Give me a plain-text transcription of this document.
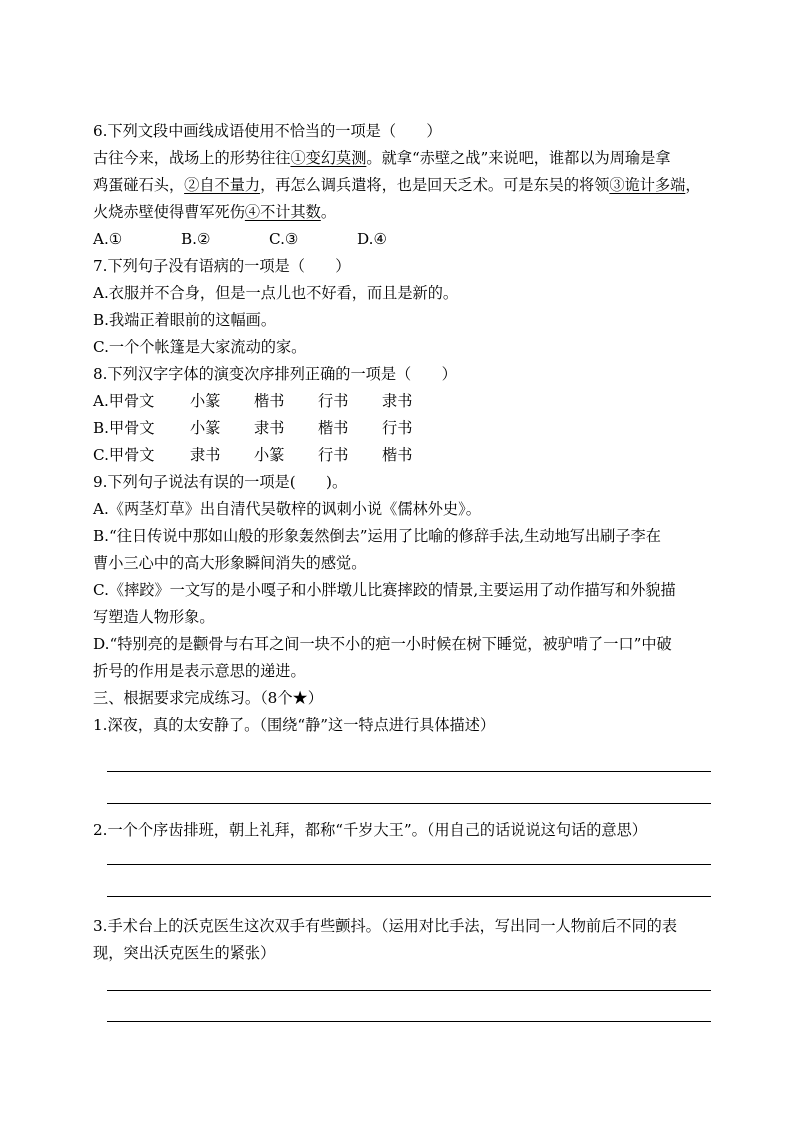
6.下列文段中画线成语使用不恰当的一项是（　　）
古往今来，战场上的形势往往①变幻莫测。就拿“赤壁之战”来说吧，谁都以为周瑜是拿
鸡蛋碰石头，②自不量力，再怎么调兵遣将，也是回天乏术。可是东吴的将领③诡计多端，
火烧赤壁使得曹军死伤④不计其数。
A.①	B.②	C.③	D.④
7.下列句子没有语病的一项是（　　）
A.衣服并不合身，但是一点儿也不好看，而且是新的。
B.我端正着眼前的这幅画。
C.一个个帐篷是大家流动的家。
8.下列汉字字体的演变次序排列正确的一项是（　　）
A.甲骨文 小篆 楷书 行书 隶书
B.甲骨文 小篆 隶书 楷书 行书
C.甲骨文 隶书 小篆 行书 楷书
9.下列句子说法有误的一项是(　　)。
A.《两茎灯草》出自清代吴敬梓的讽刺小说《儒林外史》。
B.“往日传说中那如山般的形象轰然倒去”运用了比喻的修辞手法,生动地写出刷子李在
曹小三心中的高大形象瞬间消失的感觉。
C.《摔跤》一文写的是小嘎子和小胖墩儿比赛摔跤的情景,主要运用了动作描写和外貌描
写塑造人物形象。
D.“特别亮的是颧骨与右耳之间一块不小的疤一小时候在树下睡觉，被驴啃了一口”中破
折号的作用是表示意思的递进。
三、根据要求完成练习。（8个★）
1.深夜，真的太安静了。（围绕“静”这一特点进行具体描述）
2.一个个序齿排班，朝上礼拜，都称“千岁大王”。（用自己的话说说这句话的意思）
3.手术台上的沃克医生这次双手有些颤抖。（运用对比手法，写出同一人物前后不同的表
现，突出沃克医生的紧张）
